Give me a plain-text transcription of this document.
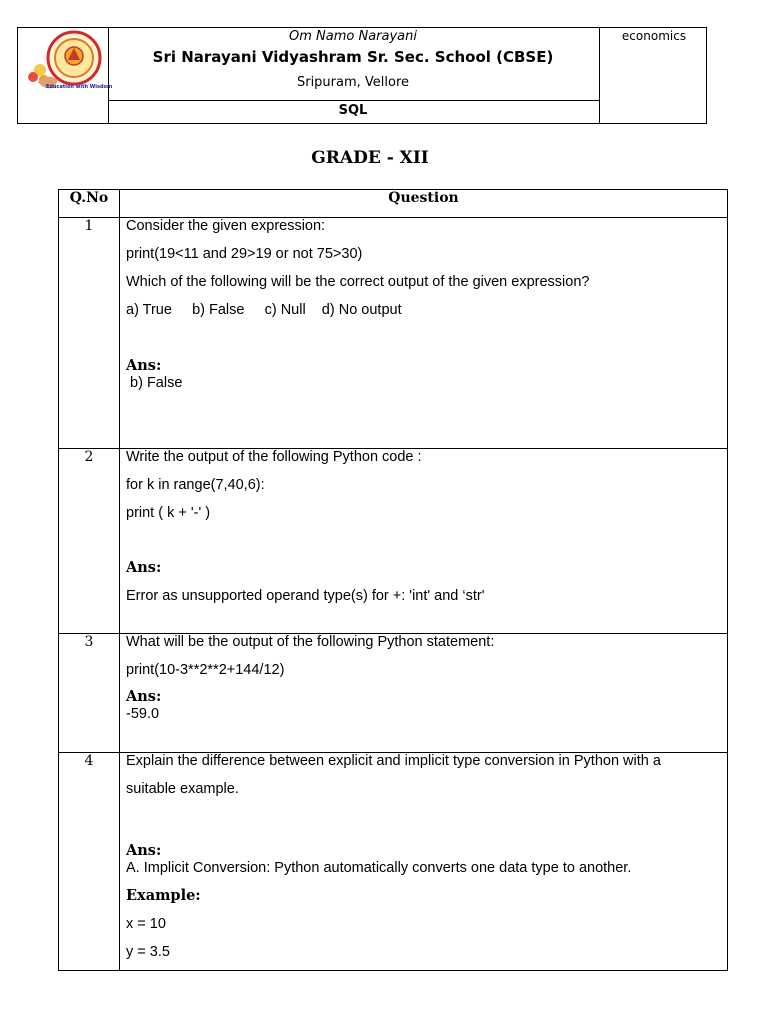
Education with Wisdom
Om Namo Narayani
Sri Narayani Vidyashram Sr. Sec. School (CBSE)
Sripuram, Vellore
SQL
economics
GRADE - XII
Q.No	Question
1	Consider the given expression:
print(19<11 and 29>19 or not 75>30)
Which of the following will be the correct output of the given expression?
a) True     b) False     c) Null    d) No output
Ans:
b) False
2	Write the output of the following Python code :
for k in range(7,40,6):
print ( k + '-' )
Ans:
Error as unsupported operand type(s) for +: 'int' and ‘str'
3	What will be the output of the following Python statement:
print(10-3**2**2+144/12)
Ans:
-59.0
4	Explain the difference between explicit and implicit type conversion in Python with a
suitable example.
Ans:
A. Implicit Conversion: Python automatically converts one data type to another.
Example:
x = 10
y = 3.5
